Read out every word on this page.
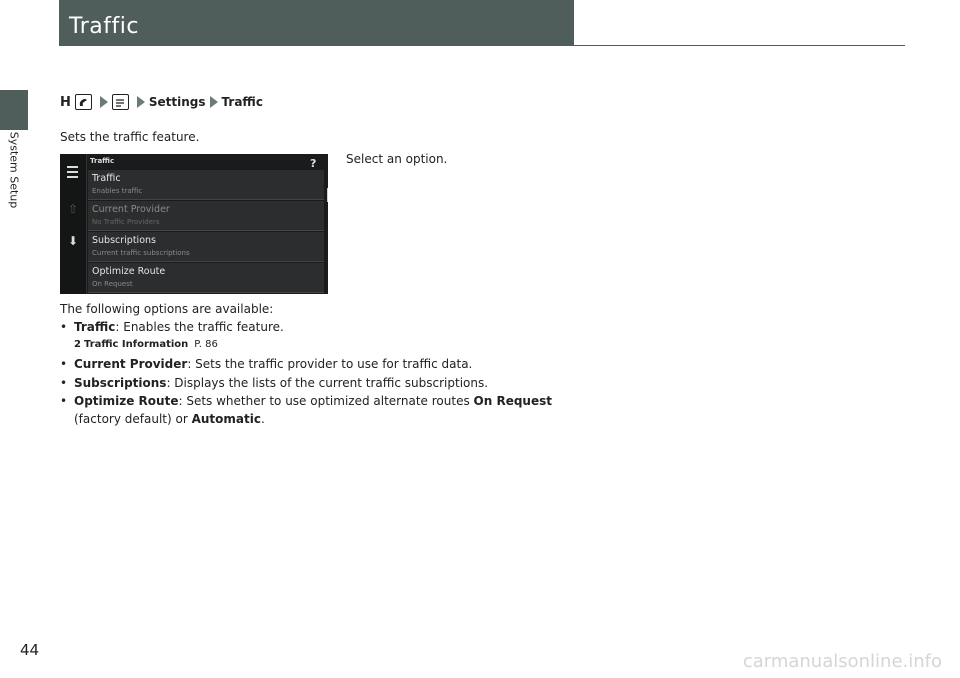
System Setup
Traffic
H	Settings Traffic
Sets the traffic feature.
Select an option.
⇧
⬇
Traffic	?
Traffic
Enables traffic
Current Provider
No Traffic Providers
Subscriptions
Current traffic subscriptions
Optimize Route
On Request
The following options are available:
• Traffic: Enables the traffic feature.
2 Traffic Information P. 86
• Current Provider: Sets the traffic provider to use for traffic data.
• Subscriptions: Displays the lists of the current traffic subscriptions.
• Optimize Route: Sets whether to use optimized alternate routes On Request
(factory default) or Automatic.
44
carmanualsonline.info
